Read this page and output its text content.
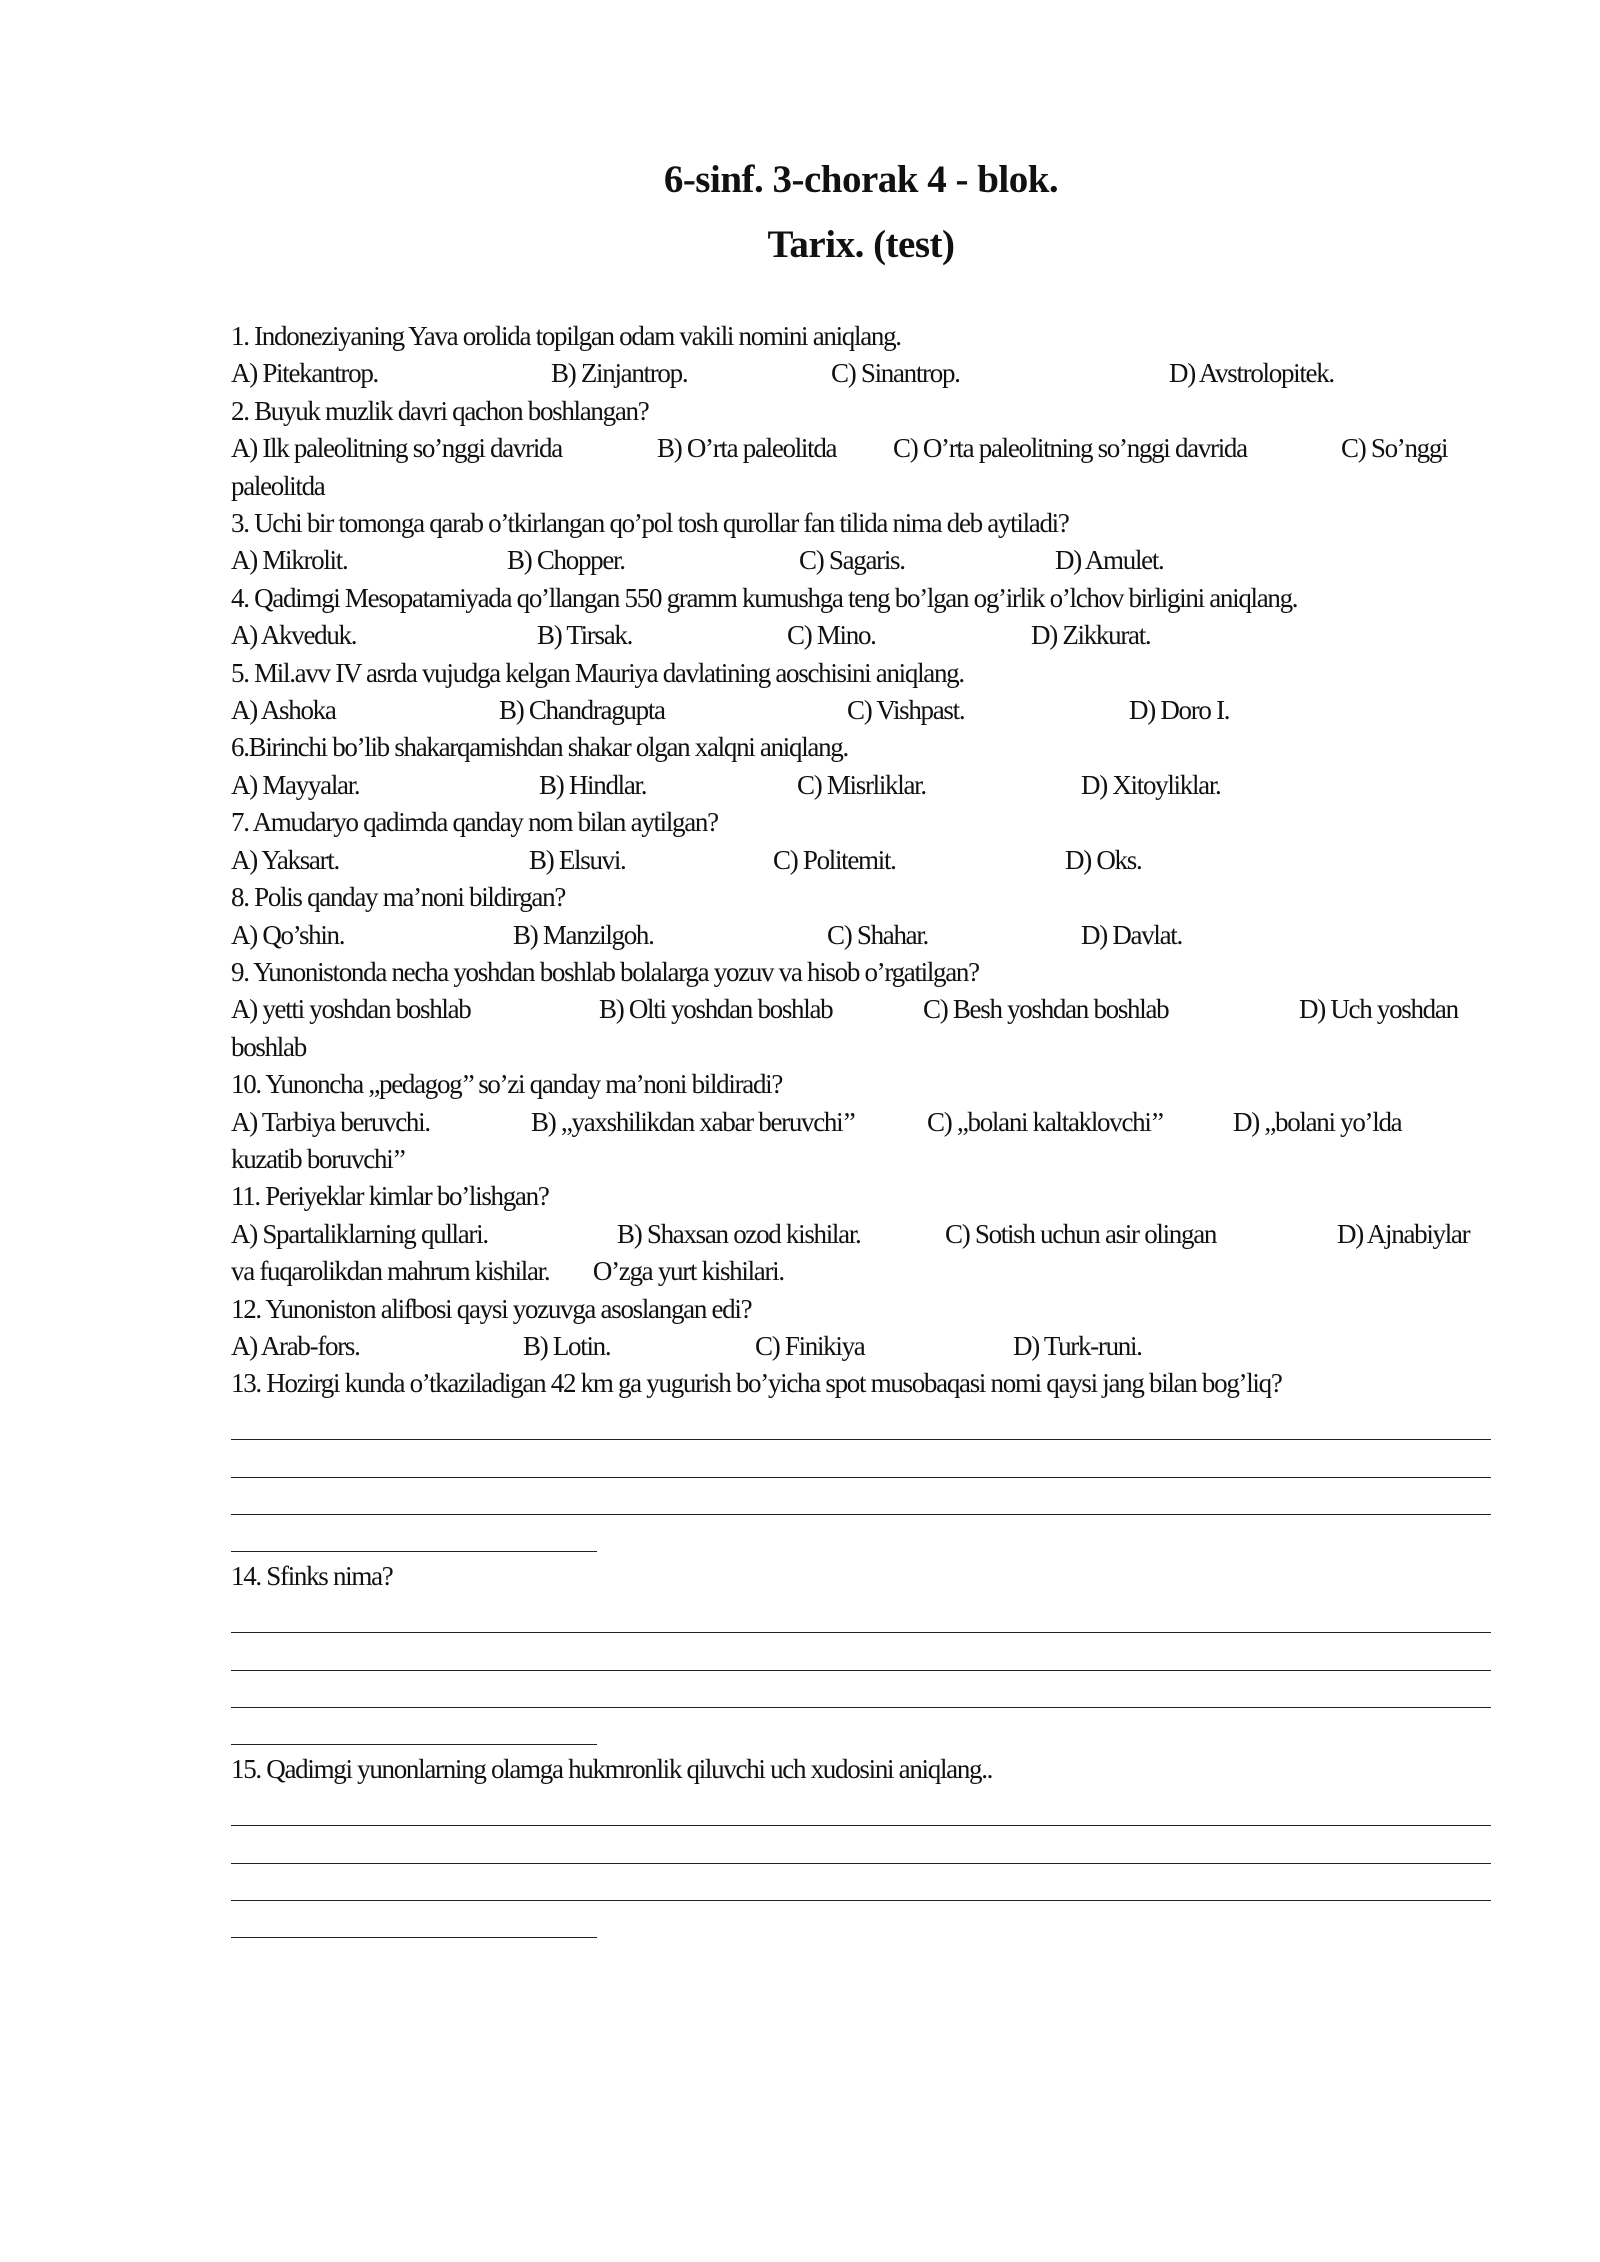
6-sinf. 3-chorak 4 - blok.
Tarix. (test)
1. Indoneziyaning Yava orolida topilgan odam vakili nomini aniqlang.
A) Pitekantrop.	B) Zinjantrop.	C) Sinantrop.	D) Avstrolopitek.
2. Buyuk muzlik davri qachon boshlangan?
A) Ilk paleolitning so’nggi davrida	B) O’rta paleolitda	C) O’rta paleolitning so’nggi davrida	C) So’nggi
paleolitda
3. Uchi bir tomonga qarab o’tkirlangan qo’pol tosh qurollar fan tilida nima deb aytiladi?
A) Mikrolit.	B) Chopper.	C) Sagaris.	D) Amulet.
4. Qadimgi Mesopatamiyada qo’llangan 550 gramm kumushga teng bo’lgan og’irlik o’lchov birligini aniqlang.
A) Akveduk.	B) Tirsak.	C) Mino.	D) Zikkurat.
5. Mil.avv IV asrda vujudga kelgan Mauriya davlatining aoschisini aniqlang.
A) Ashoka	B) Chandragupta	C) Vishpast.	D) Doro I.
6.Birinchi bo’lib shakarqamishdan shakar olgan xalqni aniqlang.
A) Mayyalar.	B) Hindlar.	C) Misrliklar.	D) Xitoyliklar.
7. Amudaryo qadimda qanday nom bilan aytilgan?
A) Yaksart.	B) Elsuvi.	C) Politemit.	D) Oks.
8. Polis qanday ma’noni bildirgan?
A) Qo’shin.	B) Manzilgoh.	C) Shahar.	D) Davlat.
9. Yunonistonda necha yoshdan boshlab bolalarga yozuv va hisob o’rgatilgan?
A) yetti yoshdan boshlab	B) Olti yoshdan boshlab	C) Besh yoshdan boshlab	D) Uch yoshdan
boshlab
10. Yunoncha „pedagog’’ so’zi qanday ma’noni bildiradi?
A) Tarbiya beruvchi.	B) „yaxshilikdan xabar beruvchi’’	C) „bolani kaltaklovchi’’	D) „bolani yo’lda
kuzatib boruvchi’’
11. Periyeklar kimlar bo’lishgan?
A) Spartaliklarning qullari.	B) Shaxsan ozod kishilar.	C) Sotish uchun asir olingan	D) Ajnabiylar
va fuqarolikdan mahrum kishilar.        O’zga yurt kishilari.
12. Yunoniston alifbosi qaysi yozuvga asoslangan edi?
A) Arab-fors.	B) Lotin.	C) Finikiya	D) Turk-runi.
13. Hozirgi kunda o’tkaziladigan 42 km ga yugurish bo’yicha spot musobaqasi nomi qaysi jang bilan bog’liq?
14. Sfinks nima?
15. Qadimgi yunonlarning olamga hukmronlik qiluvchi uch xudosini aniqlang..
